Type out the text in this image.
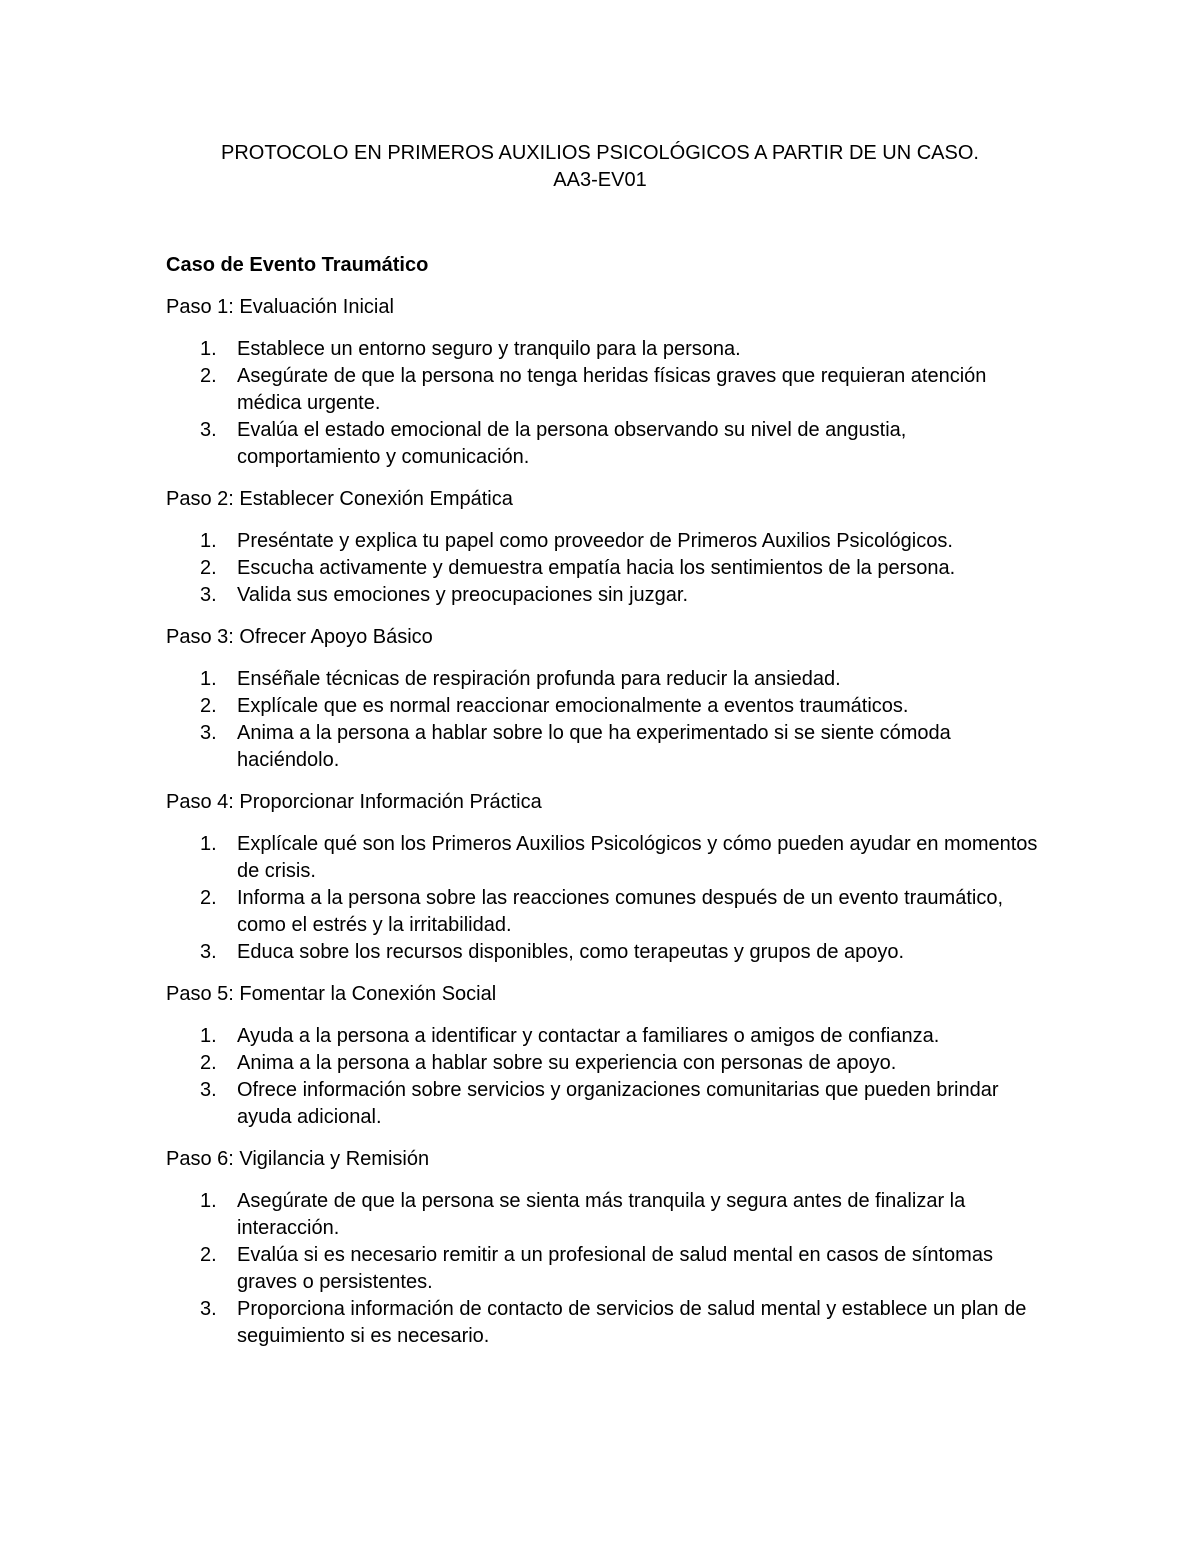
PROTOCOLO EN PRIMEROS AUXILIOS PSICOLÓGICOS A PARTIR DE UN CASO.
AA3-EV01

Caso de Evento Traumático

Paso 1: Evaluación Inicial

1. Establece un entorno seguro y tranquilo para la persona.
2. Asegúrate de que la persona no tenga heridas físicas graves que requieran atención médica urgente.
3. Evalúa el estado emocional de la persona observando su nivel de angustia, comportamiento y comunicación.

Paso 2: Establecer Conexión Empática

1. Preséntate y explica tu papel como proveedor de Primeros Auxilios Psicológicos.
2. Escucha activamente y demuestra empatía hacia los sentimientos de la persona.
3. Valida sus emociones y preocupaciones sin juzgar.

Paso 3: Ofrecer Apoyo Básico

1. Enséñale técnicas de respiración profunda para reducir la ansiedad.
2. Explícale que es normal reaccionar emocionalmente a eventos traumáticos.
3. Anima a la persona a hablar sobre lo que ha experimentado si se siente cómoda haciéndolo.

Paso 4: Proporcionar Información Práctica

1. Explícale qué son los Primeros Auxilios Psicológicos y cómo pueden ayudar en momentos de crisis.
2. Informa a la persona sobre las reacciones comunes después de un evento traumático, como el estrés y la irritabilidad.
3. Educa sobre los recursos disponibles, como terapeutas y grupos de apoyo.

Paso 5: Fomentar la Conexión Social

1. Ayuda a la persona a identificar y contactar a familiares o amigos de confianza.
2. Anima a la persona a hablar sobre su experiencia con personas de apoyo.
3. Ofrece información sobre servicios y organizaciones comunitarias que pueden brindar ayuda adicional.

Paso 6: Vigilancia y Remisión

1. Asegúrate de que la persona se sienta más tranquila y segura antes de finalizar la interacción.
2. Evalúa si es necesario remitir a un profesional de salud mental en casos de síntomas graves o persistentes.
3. Proporciona información de contacto de servicios de salud mental y establece un plan de seguimiento si es necesario.
